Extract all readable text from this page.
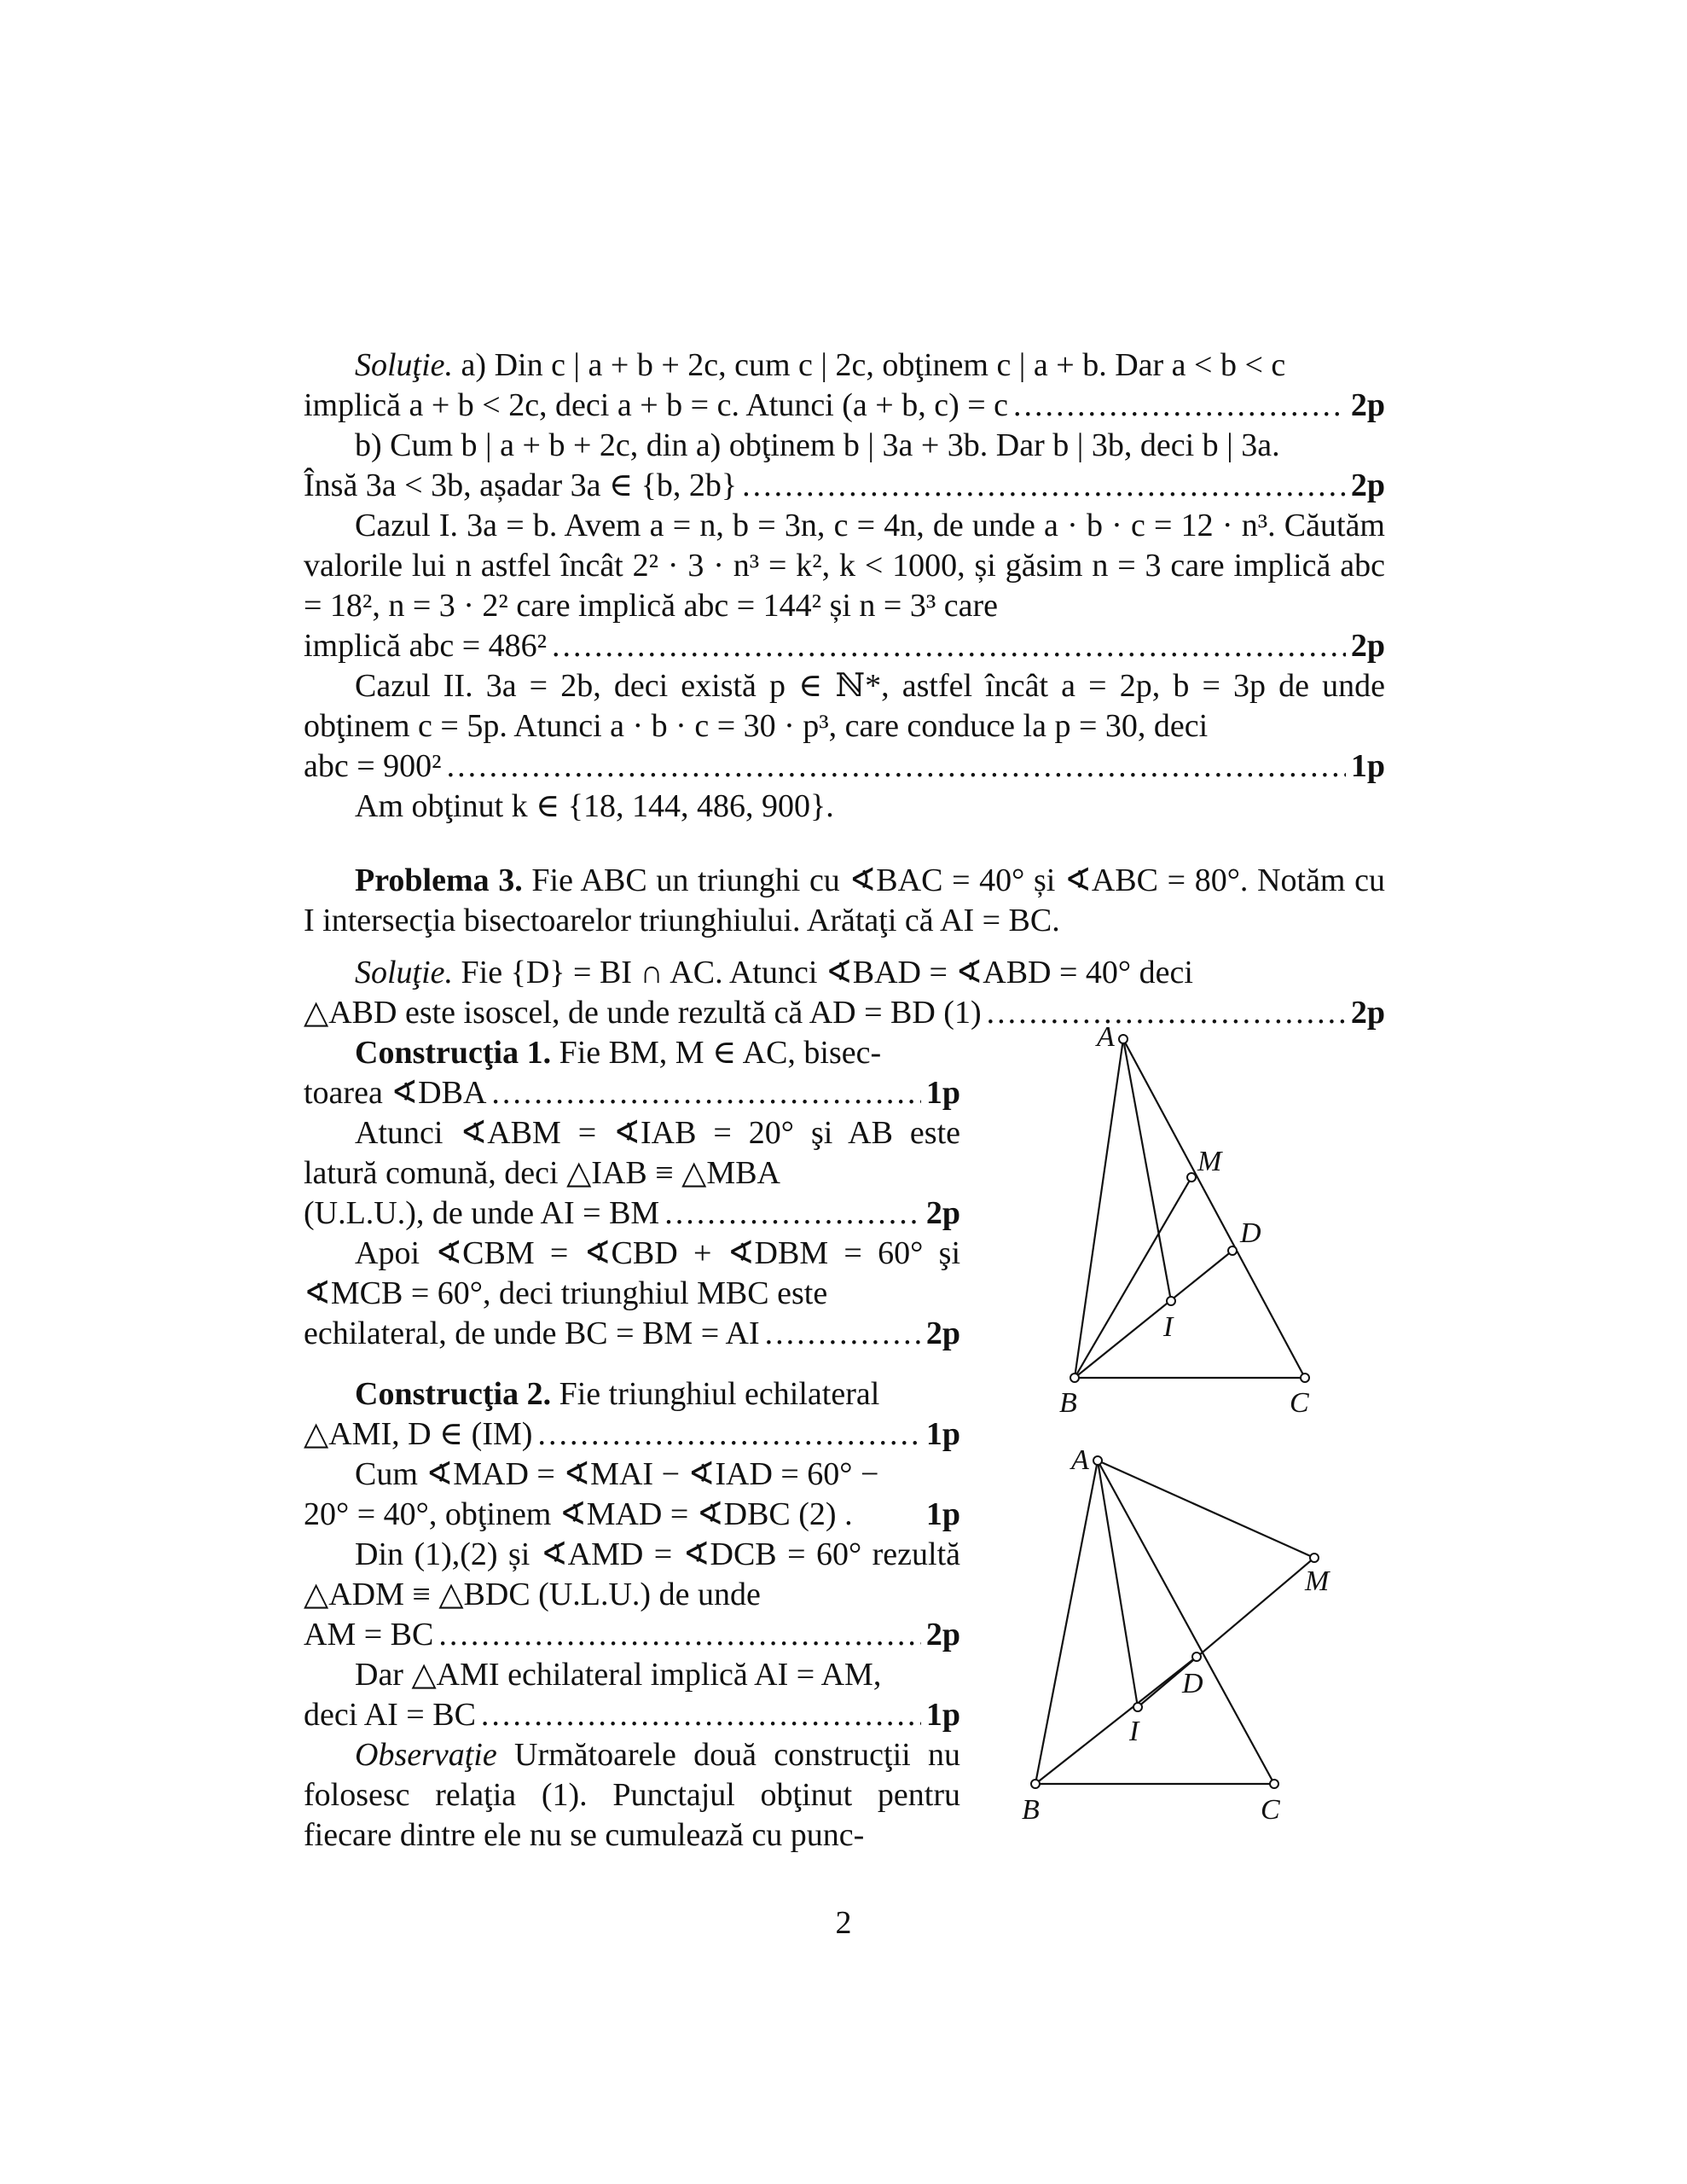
Soluţie. a) Din c | a + b + 2c, cum c | 2c, obţinem c | a + b. Dar a < b < c

implică a + b < 2c, deci a + b = c. Atunci (a + b, c) = c .....	2p

b) Cum b | a + b + 2c, din a) obţinem b | 3a + 3b. Dar b | 3b, deci b | 3a.

Însă 3a < 3b, așadar 3a ∈ {b, 2b} .....	2p

Cazul I. 3a = b. Avem a = n, b = 3n, c = 4n, de unde a · b · c = 12 · n³. Căutăm valorile lui n astfel încât 2² · 3 · n³ = k², k < 1000, și găsim n = 3 care implică abc = 18², n = 3 · 2² care implică abc = 144² și n = 3³ care

implică abc = 486² .....	2p

Cazul II. 3a = 2b, deci există p ∈ ℕ*, astfel încât a = 2p, b = 3p de unde obţinem c = 5p. Atunci a · b · c = 30 · p³, care conduce la p = 30, deci

abc = 900² .....	1p

Am obţinut k ∈ {18, 144, 486, 900}.

Problema 3. Fie ABC un triunghi cu ∢BAC = 40° și ∢ABC = 80°. Notăm cu I intersecţia bisectoarelor triunghiului. Arătaţi că AI = BC.

Soluţie. Fie {D} = BI ∩ AC. Atunci ∢BAD = ∢ABD = 40° deci

△ABD este isoscel, de unde rezultă că AD = BD (1) .....	2p

Construcţia 1. Fie BM, M ∈ AC, bisec-

toarea ∢DBA .....	1p

Atunci ∢ABM = ∢IAB = 20° şi AB este latură comună, deci △IAB ≡ △MBA

(U.L.U.), de unde AI = BM .....	2p

Apoi ∢CBM = ∢CBD + ∢DBM = 60° şi ∢MCB = 60°, deci triunghiul MBC este

echilateral, de unde BC = BM = AI .....	2p

Construcţia 2. Fie triunghiul echilateral

△AMI, D ∈ (IM) .....	1p

Cum ∢MAD = ∢MAI − ∢IAD = 60° −

20° = 40°, obţinem ∢MAD = ∢DBC (2) . 1p

Din (1),(2) și ∢AMD = ∢DCB = 60° rezultă △ADM ≡ △BDC (U.L.U.) de unde

AM = BC .....	2p

Dar △AMI echilateral implică AI = AM,

deci AI = BC .....	1p

Observaţie Următoarele două construcţii nu folosesc relaţia (1). Punctajul obţinut pentru fiecare dintre ele nu se cumulează cu punc-

A
M
D
I
B	C
A
M
D
I
B	C
2
